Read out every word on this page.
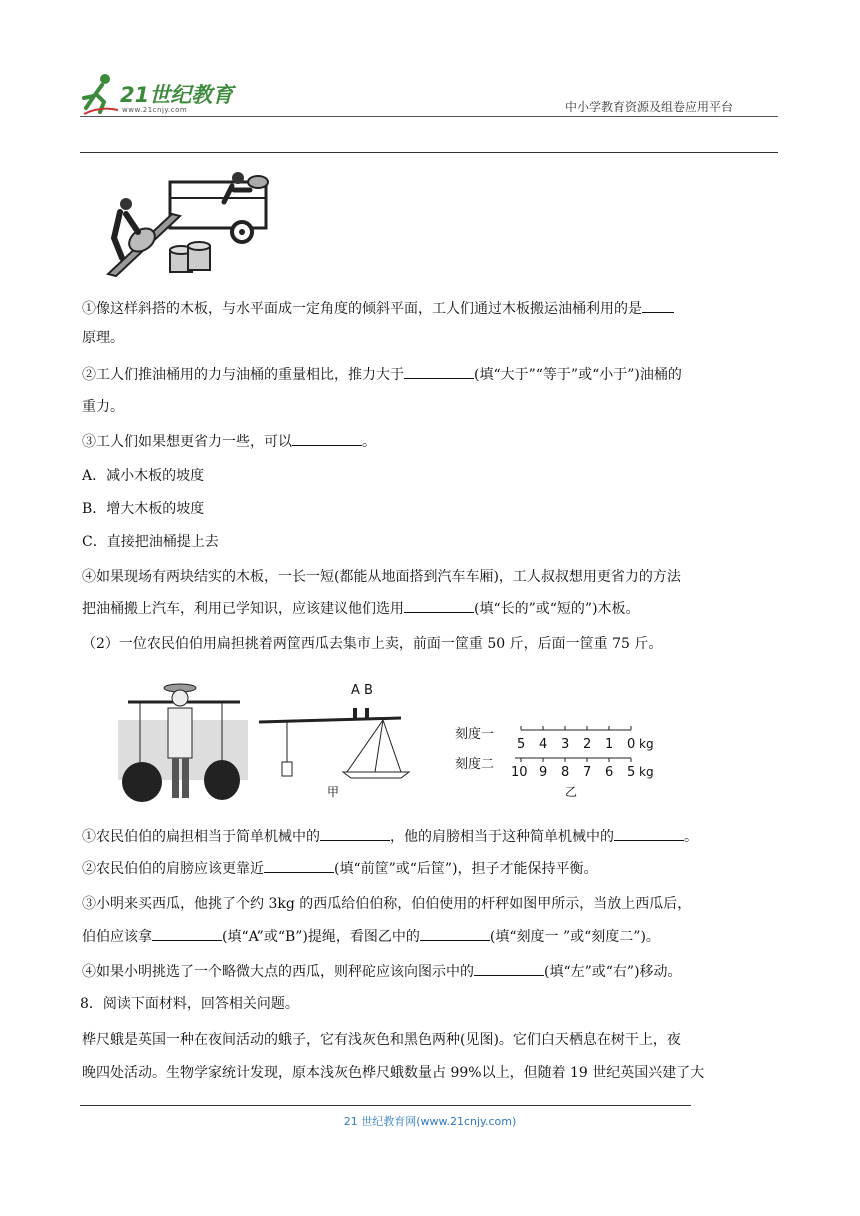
21世纪教育
www.21cnjy.com	中小学教育资源及组卷应用平台
①像这样斜搭的木板，与水平面成一定角度的倾斜平面，工人们通过木板搬运油桶利用的是
原理。
②工人们推油桶用的力与油桶的重量相比，推力大于	(填“大于”“等于”或“小于”)油桶的
重力。
③工人们如果想更省力一些，可以	。
A．减小木板的坡度
B．增大木板的坡度
C．直接把油桶提上去
④如果现场有两块结实的木板，一长一短(都能从地面搭到汽车车厢)，工人叔叔想用更省力的方法
把油桶搬上汽车，利用已学知识，应该建议他们选用	(填“长的”或“短的”)木板。
（2）一位农民伯伯用扁担挑着两筐西瓜去集市上卖，前面一筐重 50 斤，后面一筐重 75 斤。
A B
甲
刻度一
5 4 3 2 1 0 kg
刻度二
10 9 8 7 6 5 kg
乙
①农民伯伯的扁担相当于简单机械中的	，他的肩膀相当于这种简单机械中的	。
②农民伯伯的肩膀应该更靠近	(填“前筐”或“后筐”)，担子才能保持平衡。
③小明来买西瓜，他挑了个约 3kg 的西瓜给伯伯称，伯伯使用的杆秤如图甲所示，当放上西瓜后，
伯伯应该拿	(填“A”或“B”)提绳，看图乙中的	(填“刻度一 ”或“刻度二”)。
④如果小明挑选了一个略微大点的西瓜，则秤砣应该向图示中的	(填“左”或“右”)移动。
8．阅读下面材料，回答相关问题。
桦尺蛾是英国一种在夜间活动的蛾子，它有浅灰色和黑色两种(见图)。它们白天栖息在树干上，夜
晚四处活动。生物学家统计发现，原本浅灰色桦尺蛾数量占 99%以上，但随着 19 世纪英国兴建了大
21 世纪教育网(www.21cnjy.com)
